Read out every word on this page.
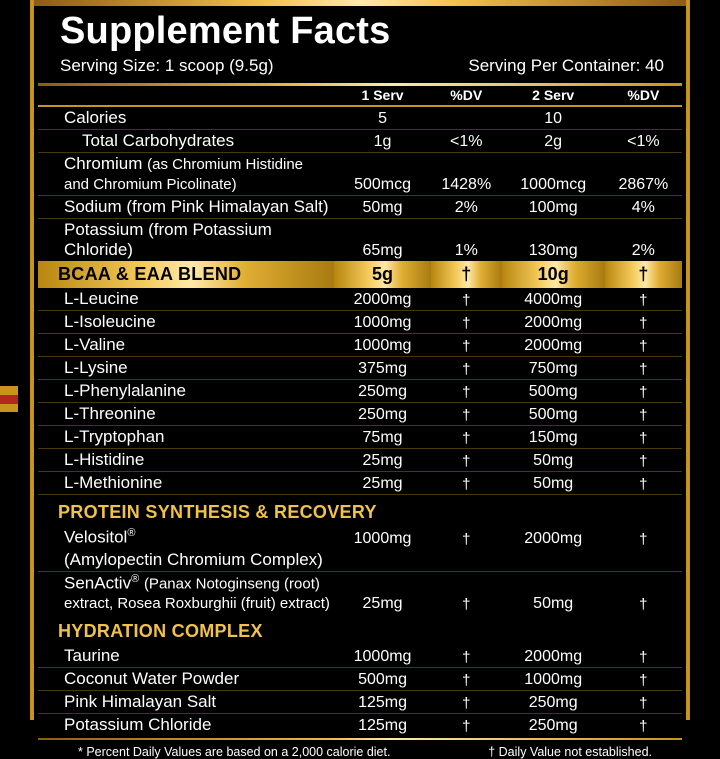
Supplement Facts
Serving Size: 1 scoop (9.5g)	Serving Per Container: 40
	1 Serv	%DV	2 Serv	%DV
Calories	5		10	
Total Carbohydrates	1g	<1%	2g	<1%
Chromium (as Chromium Histidine and Chromium Picolinate)	500mcg	1428%	1000mcg	2867%
Sodium (from Pink Himalayan Salt)	50mg	2%	100mg	4%
Potassium (from Potassium Chloride)	65mg	1%	130mg	2%
BCAA & EAA BLEND	5g	†	10g	†
L-Leucine	2000mg	†	4000mg	†
L-Isoleucine	1000mg	†	2000mg	†
L-Valine	1000mg	†	2000mg	†
L-Lysine	375mg	†	750mg	†
L-Phenylalanine	250mg	†	500mg	†
L-Threonine	250mg	†	500mg	†
L-Tryptophan	75mg	†	150mg	†
L-Histidine	25mg	†	50mg	†
L-Methionine	25mg	†	50mg	†
PROTEIN SYNTHESIS & RECOVERY				
Velositol®	1000mg	†	2000mg	†
(Amylopectin Chromium Complex)				
SenActiv® (Panax Notoginseng (root) extract, Rosea Roxburghii (fruit) extract)	25mg	†	50mg	†
HYDRATION COMPLEX				
Taurine	1000mg	†	2000mg	†
Coconut Water Powder	500mg	†	1000mg	†
Pink Himalayan Salt	125mg	†	250mg	†
Potassium Chloride	125mg	†	250mg	†
* Percent Daily Values are based on a 2,000 calorie diet.	† Daily Value not established.
